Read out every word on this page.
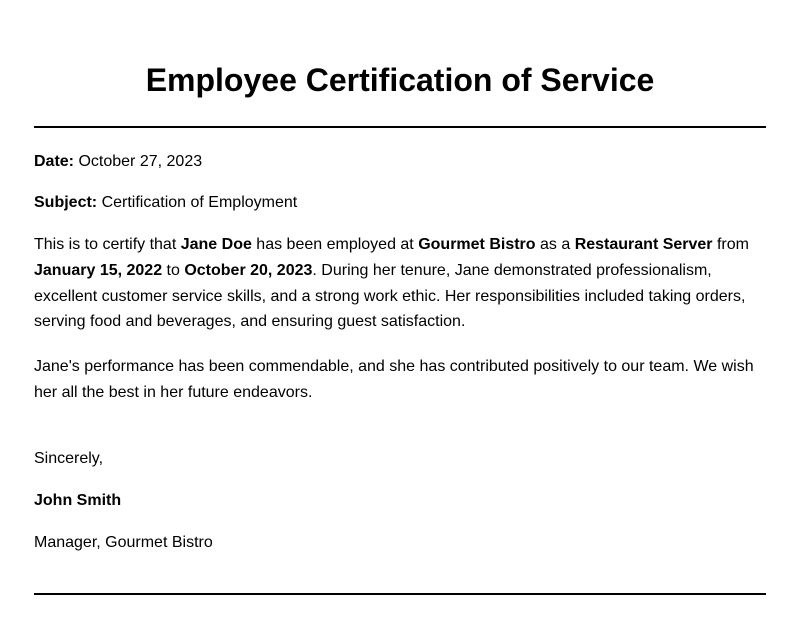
Employee Certification of Service

Date: October 27, 2023

Subject: Certification of Employment

This is to certify that Jane Doe has been employed at Gourmet Bistro as a Restaurant Server from January 15, 2022 to October 20, 2023. During her tenure, Jane demonstrated professionalism, excellent customer service skills, and a strong work ethic. Her responsibilities included taking orders, serving food and beverages, and ensuring guest satisfaction.

Jane's performance has been commendable, and she has contributed positively to our team. We wish her all the best in her future endeavors.

Sincerely,

John Smith

Manager, Gourmet Bistro
